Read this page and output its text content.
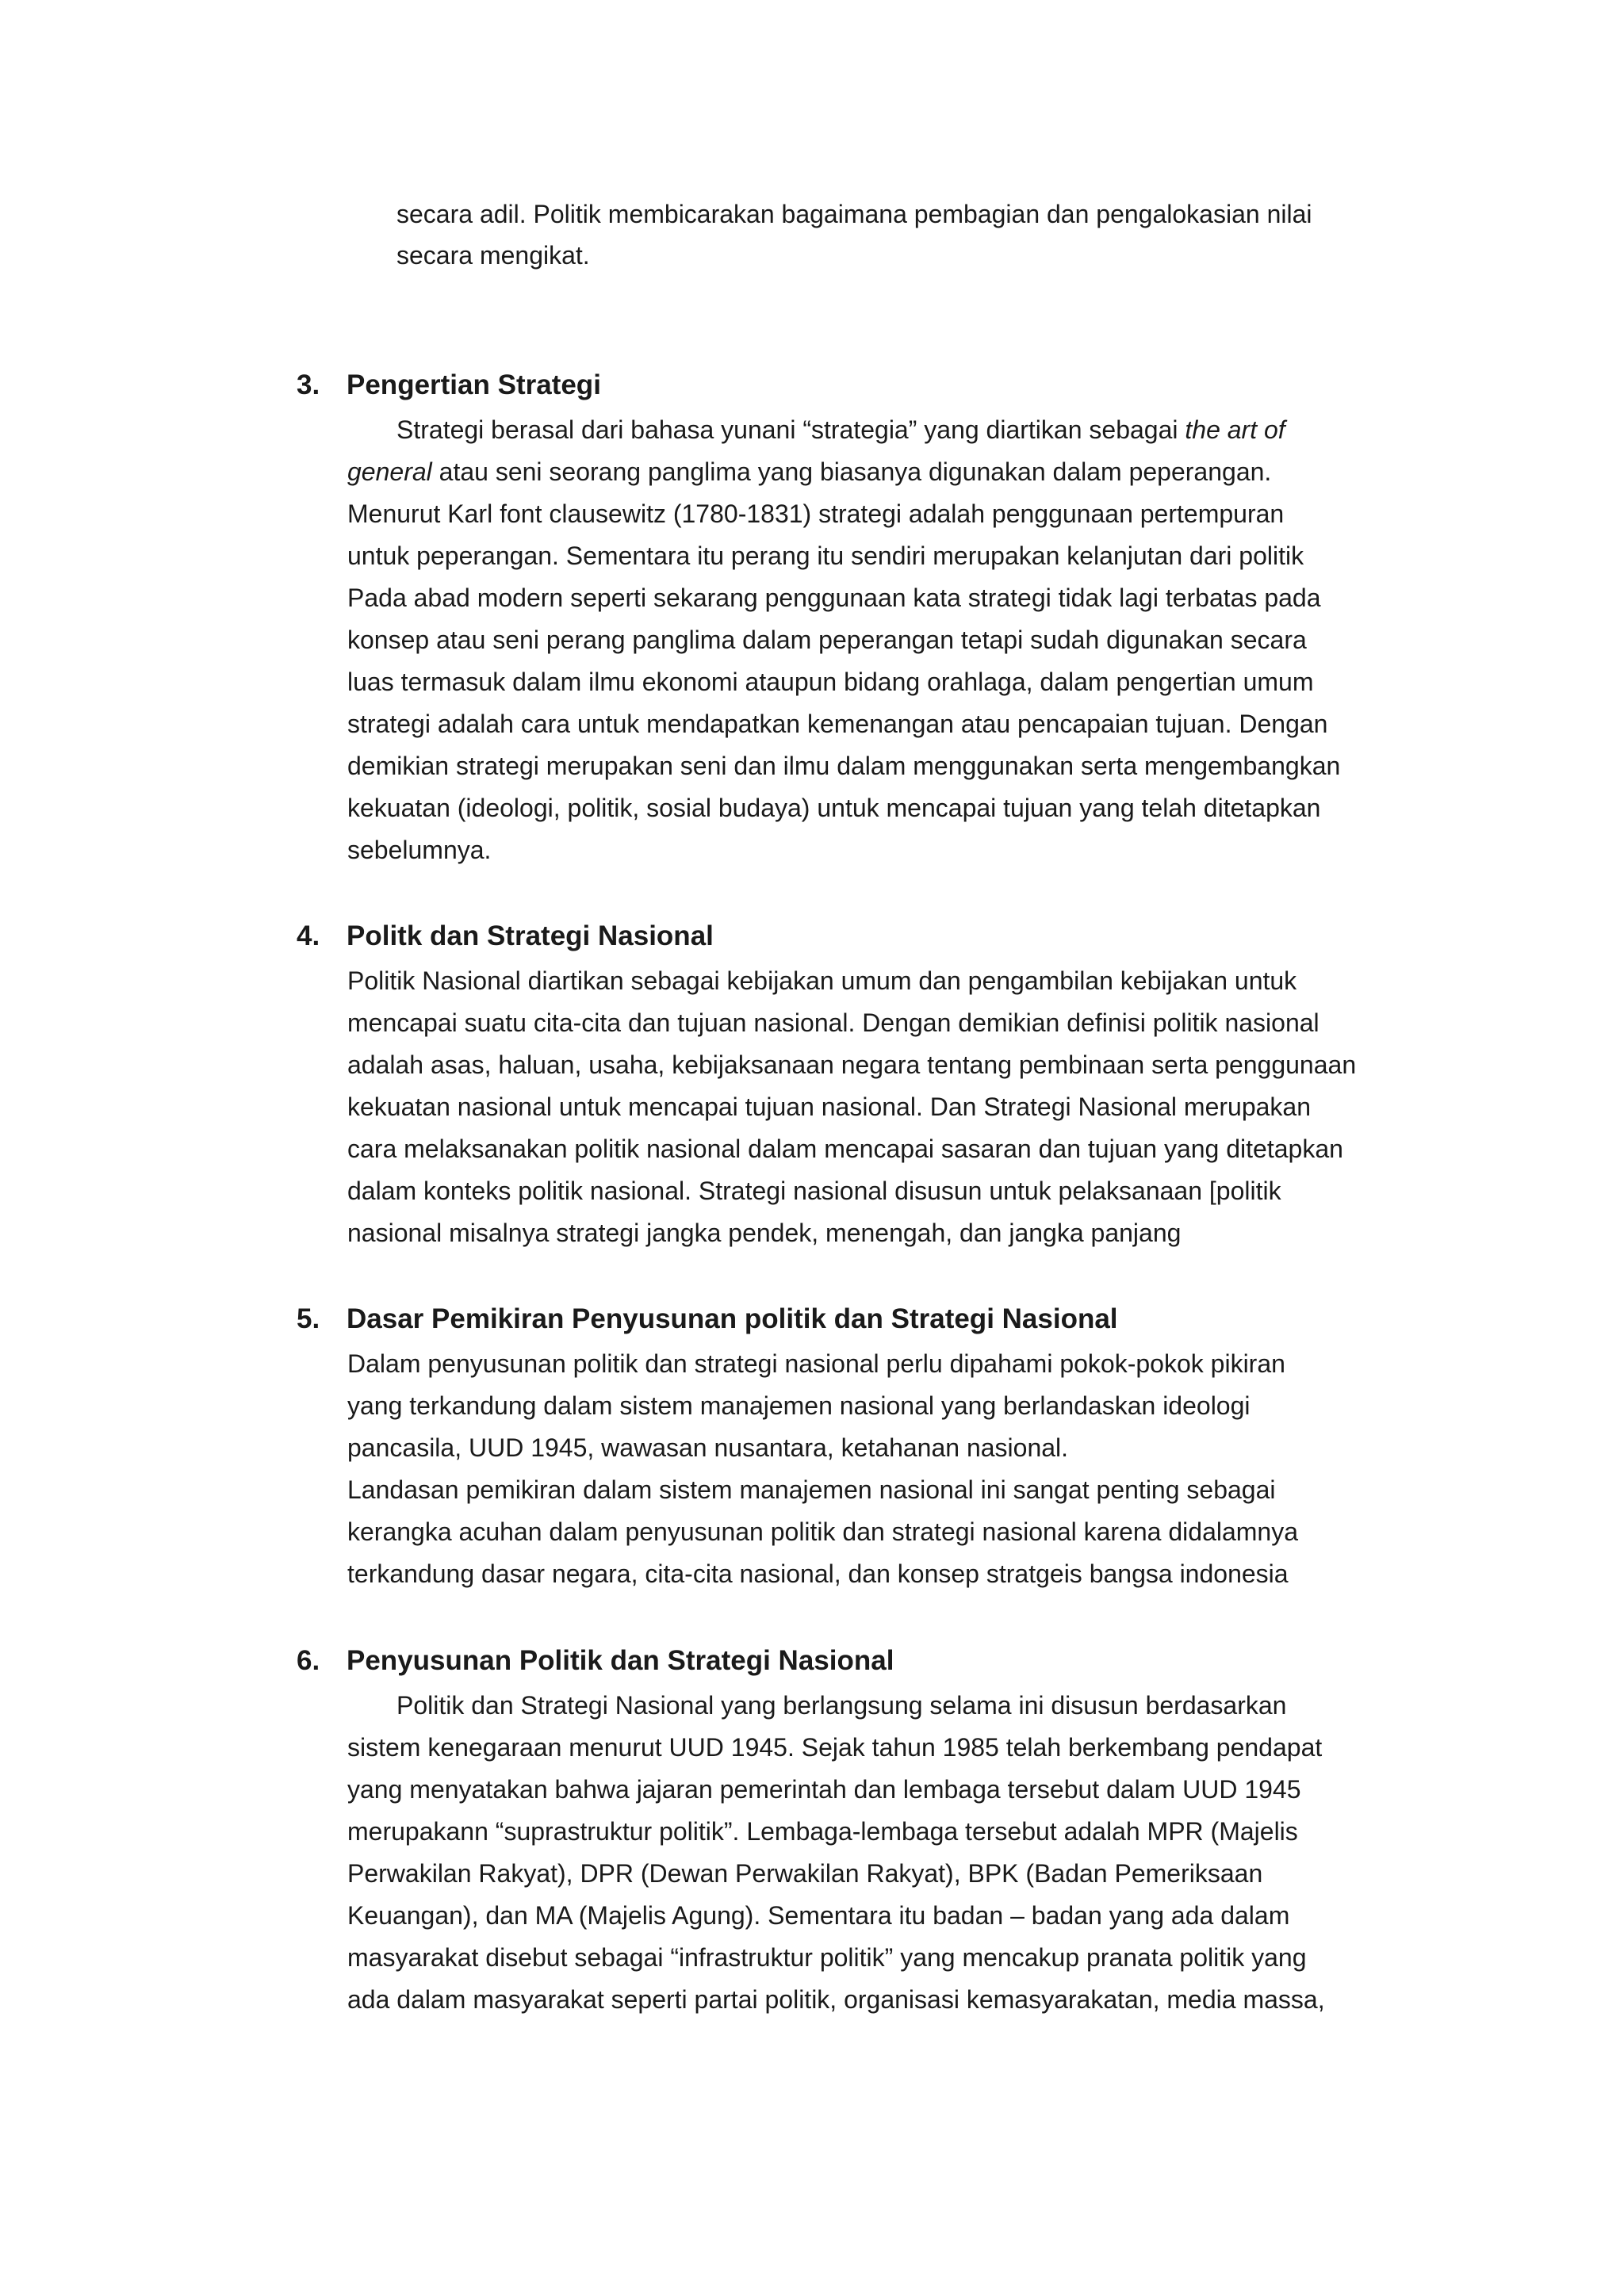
secara adil. Politik membicarakan bagaimana pembagian dan pengalokasian nilai
secara mengikat.
3. Pengertian Strategi
Strategi berasal dari bahasa yunani “strategia” yang diartikan sebagai the art of
general atau seni seorang panglima yang biasanya digunakan dalam peperangan.
Menurut Karl font clausewitz (1780-1831) strategi adalah penggunaan pertempuran
untuk peperangan. Sementara itu perang itu sendiri merupakan kelanjutan dari politik
Pada abad modern seperti sekarang penggunaan kata strategi tidak lagi terbatas pada
konsep atau seni perang panglima dalam peperangan tetapi sudah digunakan secara
luas termasuk dalam ilmu ekonomi ataupun bidang orahlaga, dalam pengertian umum
strategi adalah cara untuk mendapatkan kemenangan atau pencapaian tujuan. Dengan
demikian strategi merupakan seni dan ilmu dalam menggunakan serta mengembangkan
kekuatan (ideologi, politik, sosial budaya) untuk mencapai tujuan yang telah ditetapkan
sebelumnya.
4. Politk dan Strategi Nasional
Politik Nasional diartikan sebagai kebijakan umum dan pengambilan kebijakan untuk
mencapai suatu cita-cita dan tujuan nasional. Dengan demikian definisi politik nasional
adalah asas, haluan, usaha, kebijaksanaan negara tentang pembinaan serta penggunaan
kekuatan nasional untuk mencapai tujuan nasional. Dan Strategi Nasional merupakan
cara melaksanakan politik nasional dalam mencapai sasaran dan tujuan yang ditetapkan
dalam konteks politik nasional. Strategi nasional disusun untuk pelaksanaan [politik
nasional misalnya strategi jangka pendek, menengah, dan jangka panjang
5. Dasar Pemikiran Penyusunan politik dan Strategi Nasional
Dalam penyusunan politik dan strategi nasional perlu dipahami pokok-pokok pikiran
yang terkandung dalam sistem manajemen nasional yang berlandaskan ideologi
pancasila, UUD 1945, wawasan nusantara, ketahanan nasional.
Landasan pemikiran dalam sistem manajemen nasional ini sangat penting sebagai
kerangka acuhan dalam penyusunan politik dan strategi nasional karena didalamnya
terkandung dasar negara, cita-cita nasional, dan konsep stratgeis bangsa indonesia
6. Penyusunan Politik dan Strategi Nasional
Politik dan Strategi Nasional yang berlangsung selama ini disusun berdasarkan
sistem kenegaraan menurut UUD 1945. Sejak tahun 1985 telah berkembang pendapat
yang menyatakan bahwa jajaran pemerintah dan lembaga tersebut dalam UUD 1945
merupakann “suprastruktur politik”. Lembaga-lembaga tersebut adalah MPR (Majelis
Perwakilan Rakyat), DPR (Dewan Perwakilan Rakyat), BPK (Badan Pemeriksaan
Keuangan), dan MA (Majelis Agung). Sementara itu badan – badan yang ada dalam
masyarakat disebut sebagai “infrastruktur politik” yang mencakup pranata politik yang
ada dalam masyarakat seperti partai politik, organisasi kemasyarakatan, media massa,
